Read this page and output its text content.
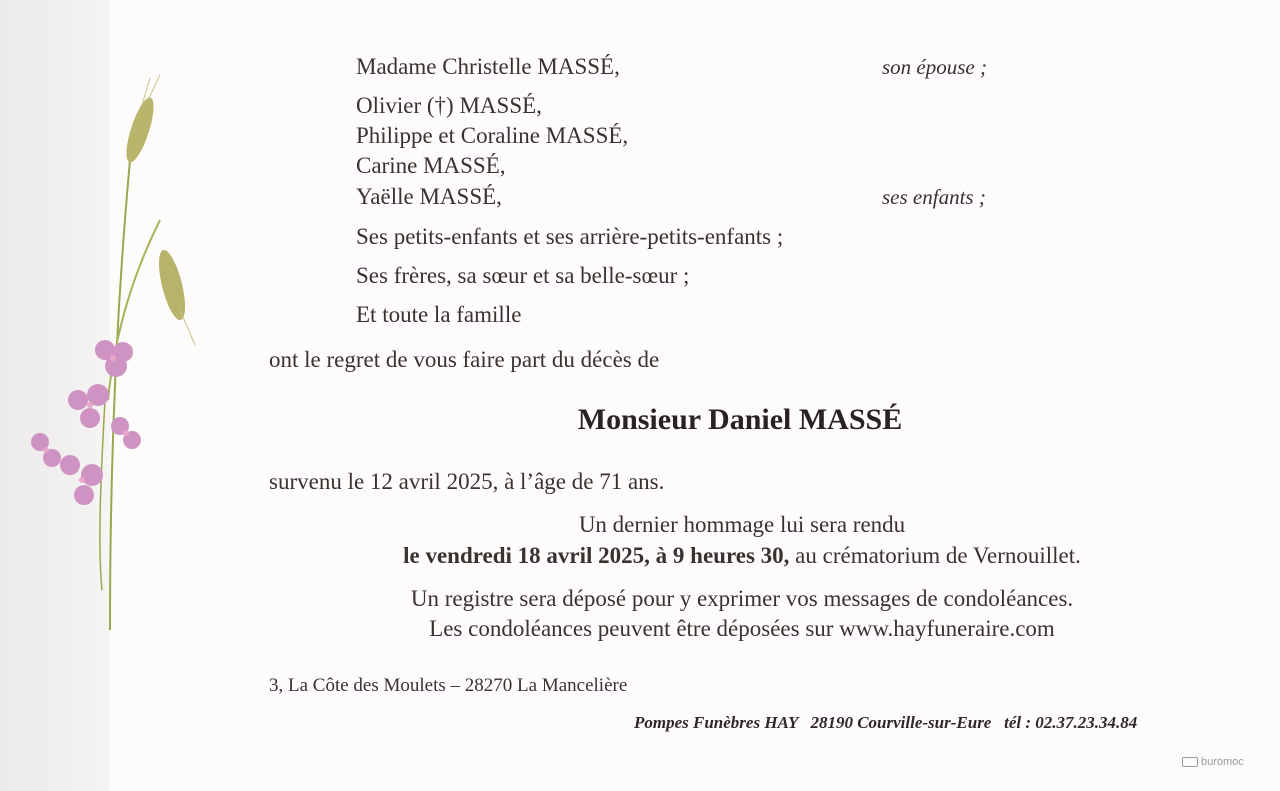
Madame Christelle MASSÉ,	son épouse ;
Olivier (†) MASSÉ,
Philippe et Coraline MASSÉ,
Carine MASSÉ,
Yaëlle MASSÉ,	ses enfants ;
Ses petits-enfants et ses arrière-petits-enfants ;
Ses frères, sa sœur et sa belle-sœur ;
Et toute la famille
ont le regret de vous faire part du décès de
Monsieur Daniel MASSÉ
survenu le 12 avril 2025, à l’âge de 71 ans.
Un dernier hommage lui sera rendu
le vendredi 18 avril 2025, à 9 heures 30, au crématorium de Vernouillet.
Un registre sera déposé pour y exprimer vos messages de condoléances.
Les condoléances peuvent être déposées sur www.hayfuneraire.com
3, La Côte des Moulets – 28270 La Mancelière
Pompes Funèbres HAY   28190 Courville-sur-Eure   tél : 02.37.23.34.84
buromoc
